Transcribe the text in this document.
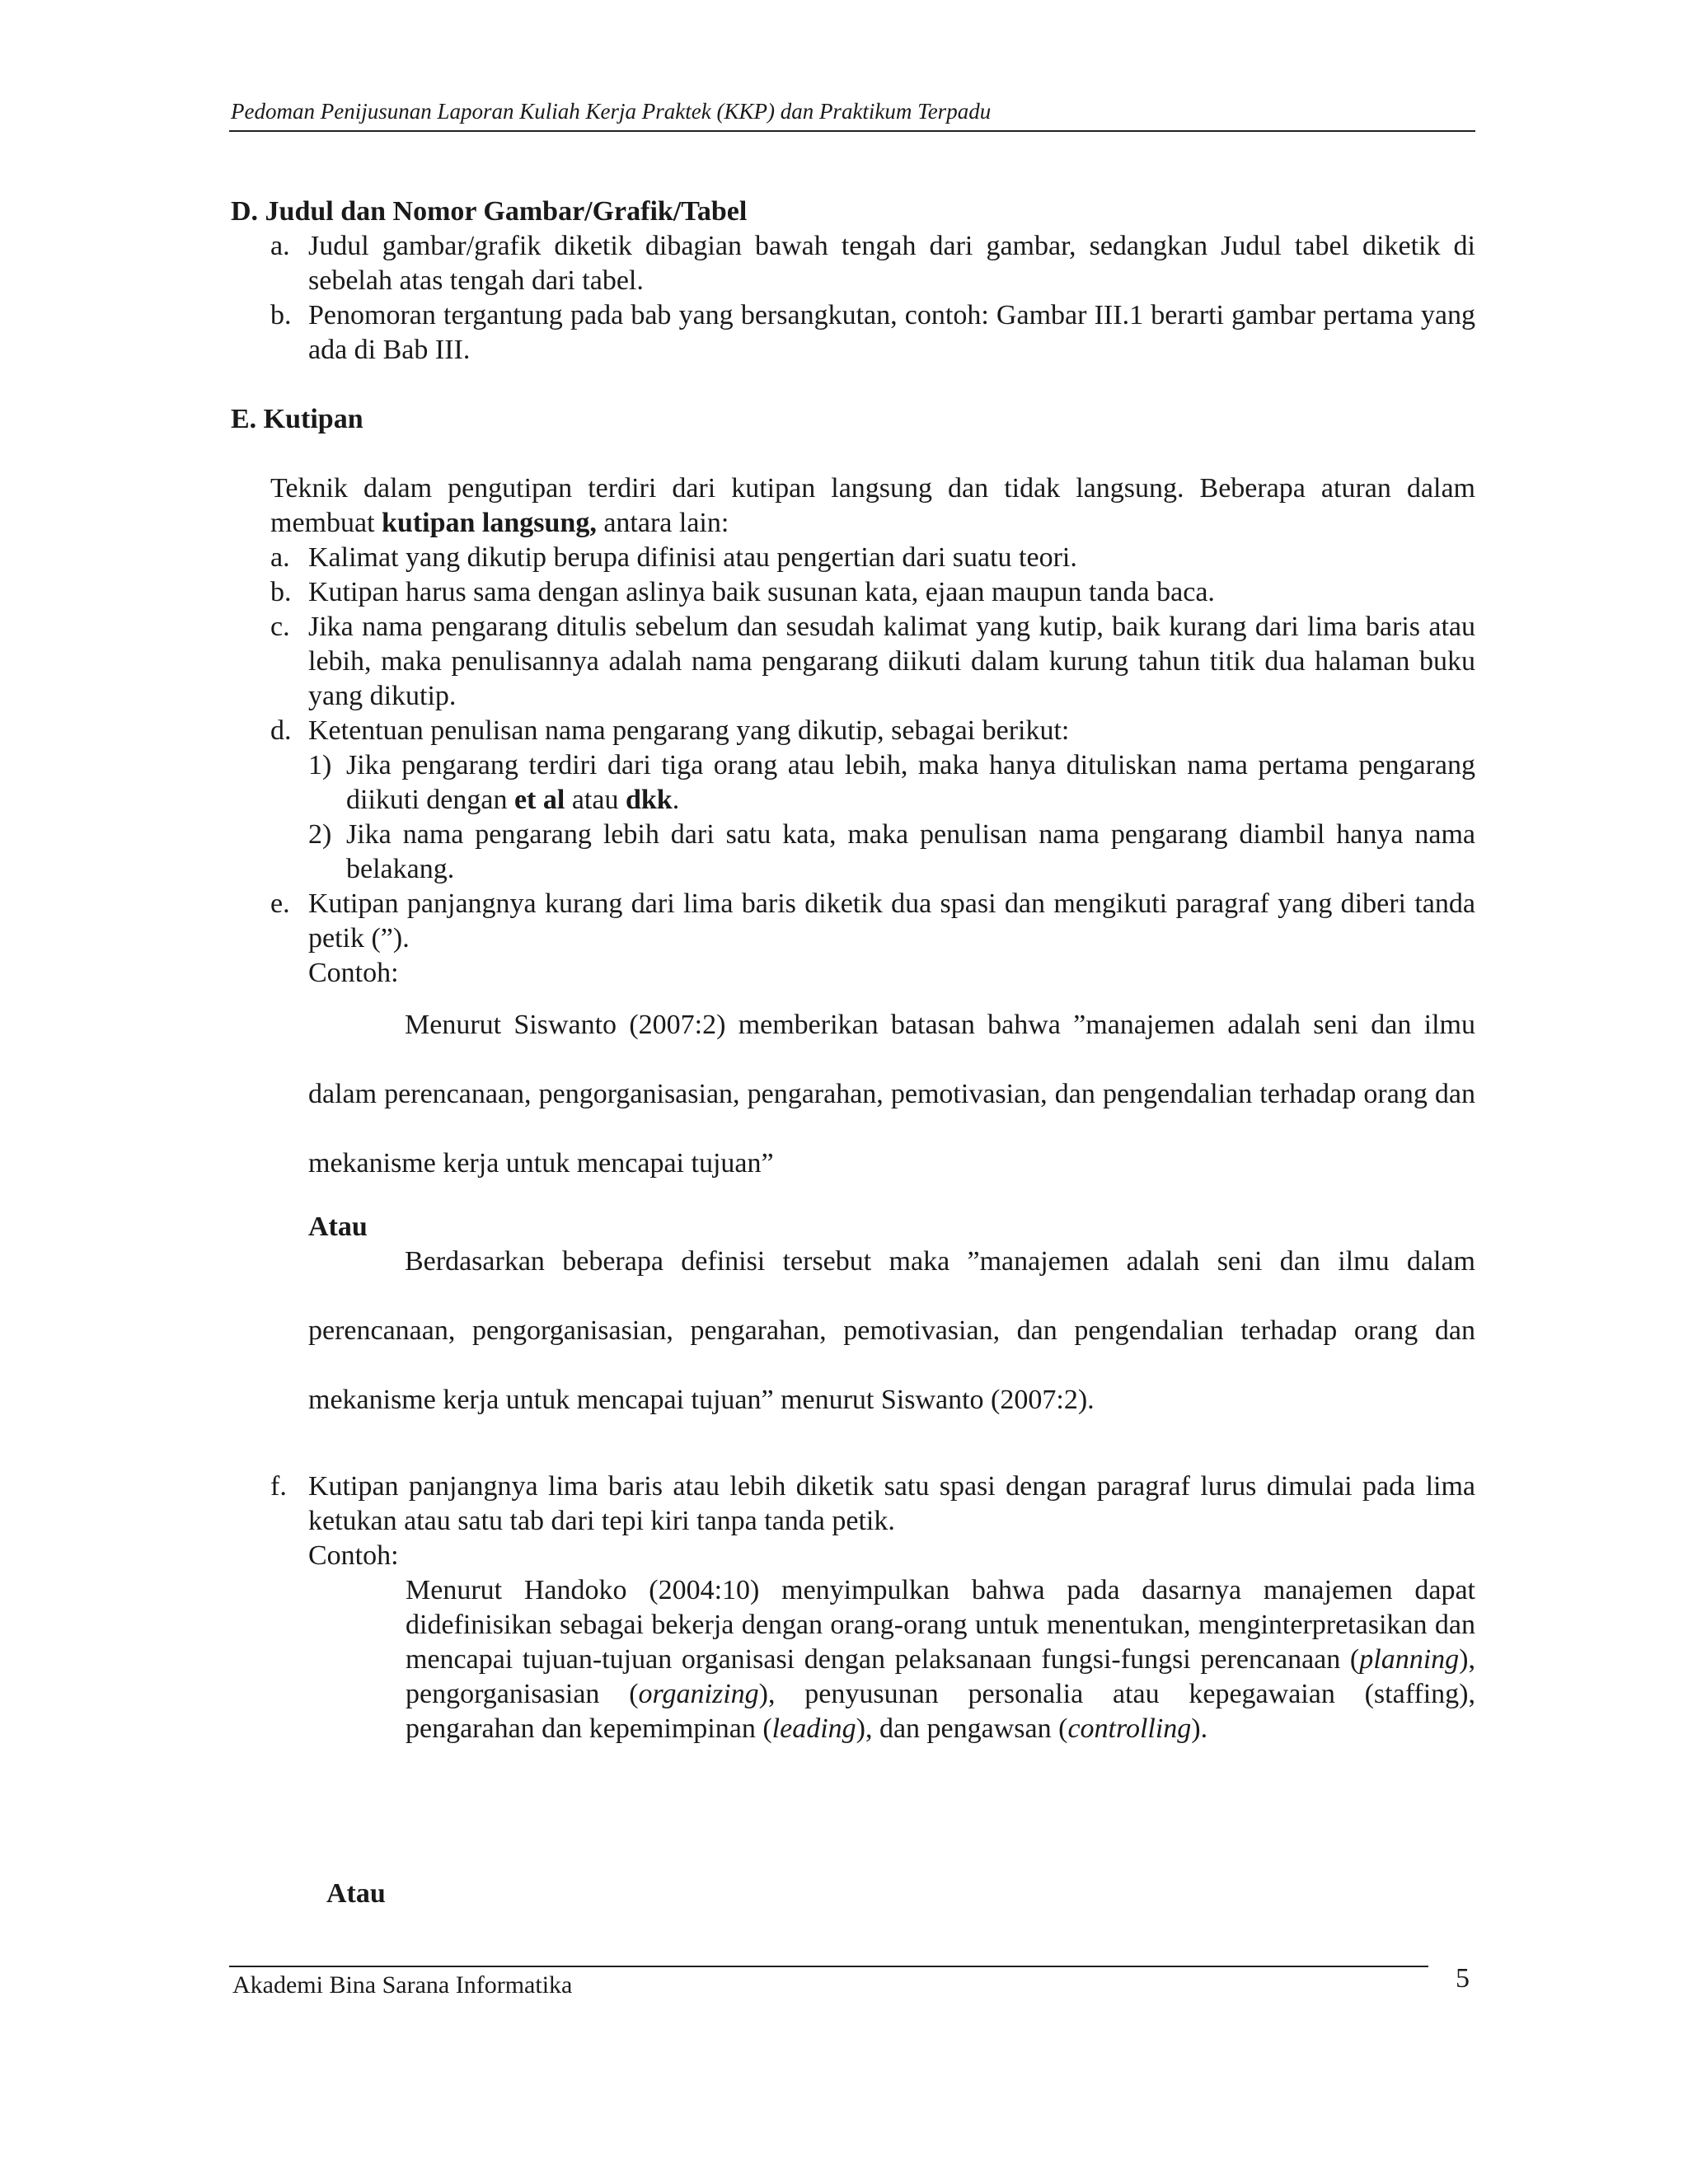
Pedoman Penijusunan Laporan Kuliah Kerja Praktek (KKP) dan Praktikum Terpadu
D. Judul dan Nomor Gambar/Grafik/Tabel
a. Judul gambar/grafik diketik dibagian bawah tengah dari gambar, sedangkan Judul tabel diketik di sebelah atas tengah dari tabel.
b. Penomoran tergantung pada bab yang bersangkutan, contoh: Gambar III.1 berarti gambar pertama yang ada di Bab III.
E. Kutipan
Teknik dalam pengutipan terdiri dari kutipan langsung dan tidak langsung. Beberapa aturan dalam membuat kutipan langsung, antara lain:
a. Kalimat yang dikutip berupa difinisi atau pengertian dari suatu teori.
b. Kutipan harus sama dengan aslinya baik susunan kata, ejaan maupun tanda baca.
c. Jika nama pengarang ditulis sebelum dan sesudah kalimat yang kutip, baik kurang dari lima baris atau lebih, maka penulisannya adalah nama pengarang diikuti dalam kurung tahun titik dua halaman buku yang dikutip.
d. Ketentuan penulisan nama pengarang yang dikutip, sebagai berikut:
1) Jika pengarang terdiri dari tiga orang atau lebih, maka hanya dituliskan nama pertama pengarang diikuti dengan et al atau dkk.
2) Jika nama pengarang lebih dari satu kata, maka penulisan nama pengarang diambil hanya nama belakang.
e. Kutipan panjangnya kurang dari lima baris diketik dua spasi dan mengikuti paragraf yang diberi tanda petik (”).
Contoh:
Menurut Siswanto (2007:2) memberikan batasan bahwa ”manajemen adalah seni dan ilmu dalam perencanaan, pengorganisasian, pengarahan, pemotivasian, dan pengendalian terhadap orang dan mekanisme kerja untuk mencapai tujuan”
Atau
Berdasarkan beberapa definisi tersebut maka ”manajemen adalah seni dan ilmu dalam perencanaan, pengorganisasian, pengarahan, pemotivasian, dan pengendalian terhadap orang dan mekanisme kerja untuk mencapai tujuan” menurut Siswanto (2007:2).
f. Kutipan panjangnya lima baris atau lebih diketik satu spasi dengan paragraf lurus dimulai pada lima ketukan atau satu tab dari tepi kiri tanpa tanda petik.
Contoh:
Menurut Handoko (2004:10) menyimpulkan bahwa pada dasarnya manajemen dapat didefinisikan sebagai bekerja dengan orang-orang untuk menentukan, menginterpretasikan dan mencapai tujuan-tujuan organisasi dengan pelaksanaan fungsi-fungsi perencanaan (planning), pengorganisasian (organizing), penyusunan personalia atau kepegawaian (staffing), pengarahan dan kepemimpinan (leading), dan pengawsan (controlling).
Atau
Akademi Bina Sarana Informatika	5
